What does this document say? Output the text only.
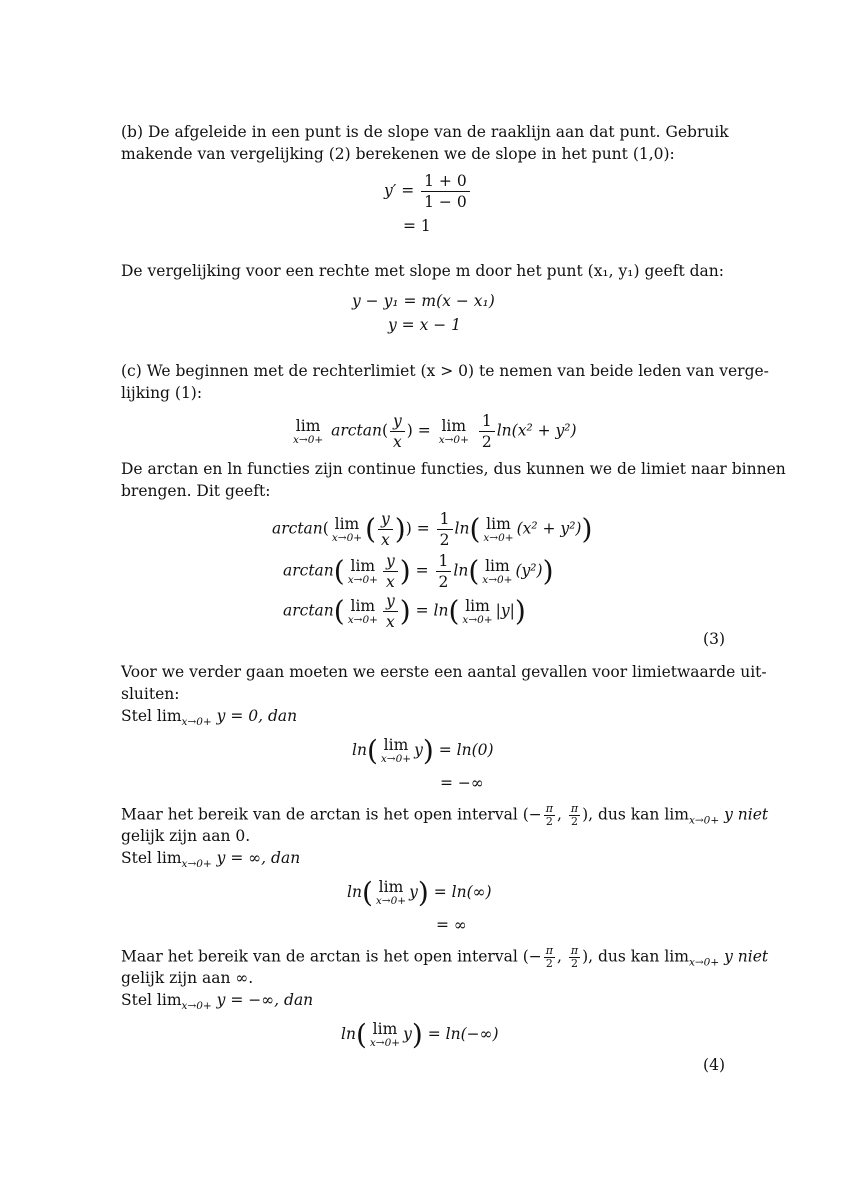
(b) De afgeleide in een punt is de slope van de raaklijn aan dat punt. Gebruik
makende van vergelijking (2) berekenen we de slope in het punt (1,0):
$y' = \frac{1 + 0}{1 - 0}$
= 1
De vergelijking voor een rechte met slope m door het punt (x₁, y₁) geeft dan:
y − y₁ = m(x − x₁)
y = x − 1
(c) We beginnen met de rechterlimiet (x > 0) te nemen van beide leden van verge-
lijking (1):
lim
$x\to 0+ \arctan( \frac{y}{x}$ ) = lim
x→0+
$\frac{1}{2} \ln(x^2 + y^2)$
De arctan en ln functies zijn continue functies, dus kunnen we de limiet naar binnen
brengen. Dit geeft:
arctan( lim
x→0+ ( $\frac{y}{x}$ )) = $\frac{1}{2} \ln$( lim
x→0+ (x² + y²))
arctan( lim
$x\to 0+ \frac{y}{x}$ ) = $\frac{1}{2} \ln$( lim
x→0+ (y²))
arctan( lim
$x\to 0+ \frac{y}{x}$ ) = ln( lim
x→0+ |y|)
(3)
Voor we verder gaan moeten we eerste een aantal gevallen voor limietwaarde uit-
sluiten:
Stel $\lim_{x\to 0+} y = 0$, dan
ln( lim
x→0+ y) = ln(0)
= −∞
Maar het bereik van de arctan is het open interval (− $\frac{\pi}{2}$ , $\frac{\pi}{2}$ ), dus kan $\lim_{x\to 0+} y$ niet
gelijk zijn aan 0.
Stel $\lim_{x\to 0+} y$ = ∞, dan
ln( lim
x→0+ y) = ln(∞)
= ∞
Maar het bereik van de arctan is het open interval (− $\frac{\pi}{2}$ , $\frac{\pi}{2}$ ), dus kan $\lim_{x\to 0+} y$ niet
gelijk zijn aan ∞.
Stel $\lim_{x\to 0+} y$ = −∞, dan
ln( lim
x→0+ y) = ln(−∞)
(4)
